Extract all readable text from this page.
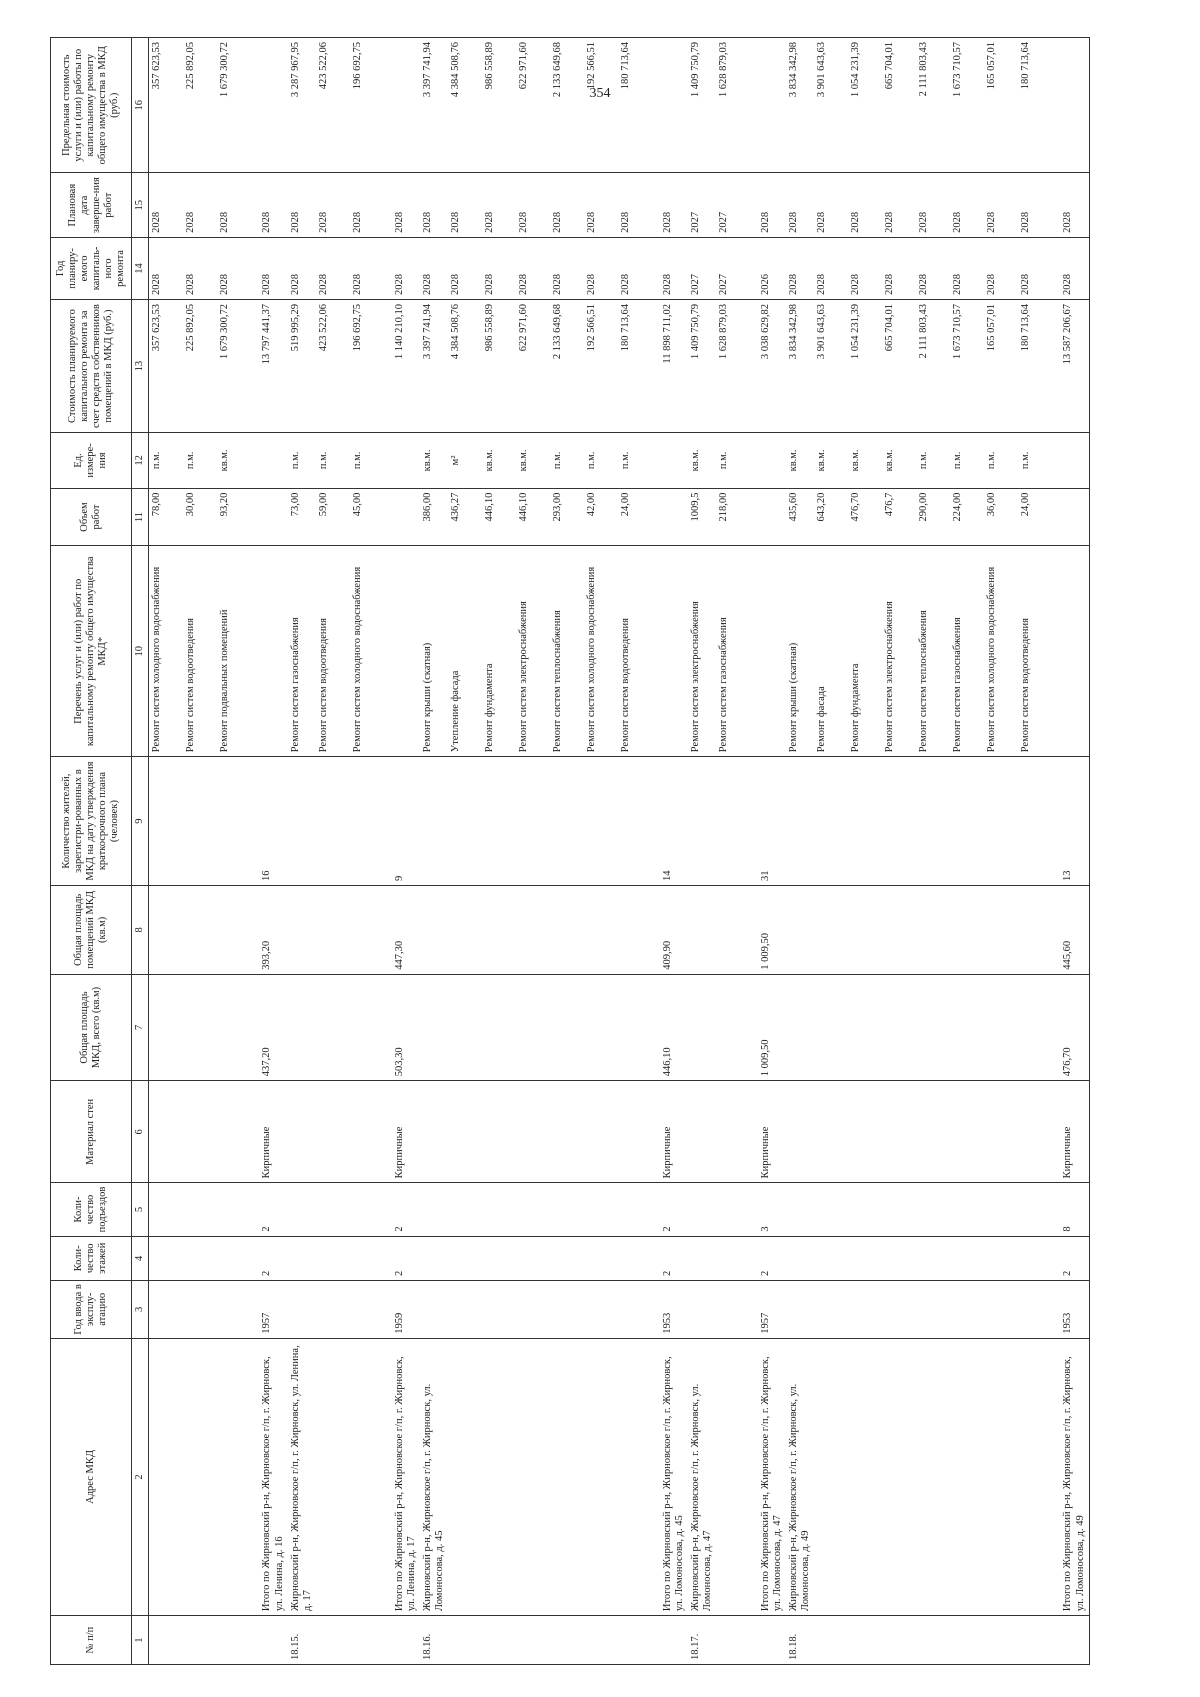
354
№ п/п	Адрес МКД	Год ввода в эксплу-атацию	Коли-чество этажей	Коли-чество подъездов	Материал стен	Общая площадь МКД, всего (кв.м)	Общая площадь помещений МКД (кв.м)	Количество жителей, зарегистри-рованных в МКД на дату утверждения краткосрочного плана (человек)	Перечень услуг и (или) работ по капитальному ремонту общего имущества МКД*	Объем работ	Ед. измере-ния	Стоимость планируемого капитального ремонта за счет средств собственников помещений в МКД (руб.)	Год планиру-емого капиталь-ного ремонта	Плановая дата заверше-ния работ	Предельная стоимость услуги и (или) работы по капитальному ремонту общего имущества в МКД (руб.)
1	2	3	4	5	6	7	8	9	10	11	12	13	14	15	16
									Ремонт систем холодного водоснабжения	78,00	п.м.	357 623,53	2028	2028	357 623,53
									Ремонт систем водоотведения	30,00	п.м.	225 892,05	2028	2028	225 892,05
									Ремонт подвальных помещений	93,20	кв.м.	1 679 300,72	2028	2028	1 679 300,72
	Итого по Жирновский р-н, Жирновское г/п, г. Жирновск, ул. Ленина, д. 16	1957	2	2	Кирпичные	437,20	393,20	16				13 797 441,37	2028	2028	
18.15.	Жирновский р-н, Жирновское г/п, г. Жирновск, ул. Ленина, д. 17								Ремонт систем газоснабжения	73,00	п.м.	519 995,29	2028	2028	3 287 967,95
									Ремонт систем водоотведения	59,00	п.м.	423 522,06	2028	2028	423 522,06
									Ремонт систем холодного водоснабжения	45,00	п.м.	196 692,75	2028	2028	196 692,75
	Итого по Жирновский р-н, Жирновское г/п, г. Жирновск, ул. Ленина, д. 17	1959	2	2	Кирпичные	503,30	447,30	9				1 140 210,10	2028	2028	
18.16.	Жирновский р-н, Жирновское г/п, г. Жирновск, ул. Ломоносова, д. 45								Ремонт крыши (скатная)	386,00	кв.м.	3 397 741,94	2028	2028	3 397 741,94
									Утепление фасада	436,27	м²	4 384 508,76	2028	2028	4 384 508,76
									Ремонт фундамента	446,10	кв.м.	986 558,89	2028	2028	986 558,89
									Ремонт систем электроснабжения	446,10	кв.м.	622 971,60	2028	2028	622 971,60
									Ремонт систем теплоснабжения	293,00	п.м.	2 133 649,68	2028	2028	2 133 649,68
									Ремонт систем холодного водоснабжения	42,00	п.м.	192 566,51	2028	2028	192 566,51
									Ремонт систем водоотведения	24,00	п.м.	180 713,64	2028	2028	180 713,64
	Итого по Жирновский р-н, Жирновское г/п, г. Жирновск, ул. Ломоносова, д. 45	1953	2	2	Кирпичные	446,10	409,90	14				11 898 711,02	2028	2028	
18.17.	Жирновский р-н, Жирновское г/п, г. Жирновск, ул. Ломоносова, д. 47								Ремонт систем электроснабжения	1009,5	кв.м.	1 409 750,79	2027	2027	1 409 750,79
									Ремонт систем газоснабжения	218,00	п.м.	1 628 879,03	2027	2027	1 628 879,03
	Итого по Жирновский р-н, Жирновское г/п, г. Жирновск, ул. Ломоносова, д. 47	1957	2	3	Кирпичные	1 009,50	1 009,50	31				3 038 629,82	2026	2028	
18.18.	Жирновский р-н, Жирновское г/п, г. Жирновск, ул. Ломоносова, д. 49								Ремонт крыши (скатная)	435,60	кв.м.	3 834 342,98	2028	2028	3 834 342,98
									Ремонт фасада	643,20	кв.м.	3 901 643,63	2028	2028	3 901 643,63
									Ремонт фундамента	476,70	кв.м.	1 054 231,39	2028	2028	1 054 231,39
									Ремонт систем электроснабжения	476,7	кв.м.	665 704,01	2028	2028	665 704,01
									Ремонт систем теплоснабжения	290,00	п.м.	2 111 803,43	2028	2028	2 111 803,43
									Ремонт систем газоснабжения	224,00	п.м.	1 673 710,57	2028	2028	1 673 710,57
									Ремонт систем холодного водоснабжения	36,00	п.м.	165 057,01	2028	2028	165 057,01
									Ремонт систем водоотведения	24,00	п.м.	180 713,64	2028	2028	180 713,64
	Итого по Жирновский р-н, Жирновское г/п, г. Жирновск, ул. Ломоносова, д. 49	1953	2	8	Кирпичные	476,70	445,60	13				13 587 206,67	2028	2028	
